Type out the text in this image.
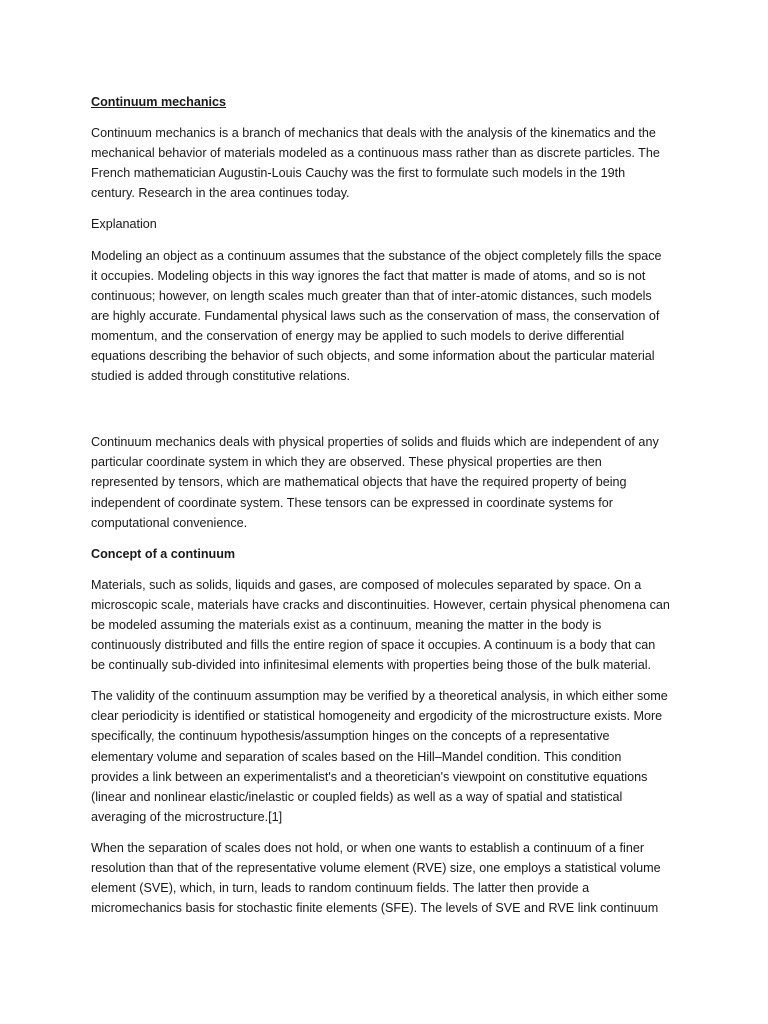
Continuum mechanics

Continuum mechanics is a branch of mechanics that deals with the analysis of the kinematics and the mechanical behavior of materials modeled as a continuous mass rather than as discrete particles. The French mathematician Augustin-Louis Cauchy was the first to formulate such models in the 19th century. Research in the area continues today.

Explanation

Modeling an object as a continuum assumes that the substance of the object completely fills the space it occupies. Modeling objects in this way ignores the fact that matter is made of atoms, and so is not continuous; however, on length scales much greater than that of inter-atomic distances, such models are highly accurate. Fundamental physical laws such as the conservation of mass, the conservation of momentum, and the conservation of energy may be applied to such models to derive differential equations describing the behavior of such objects, and some information about the particular material studied is added through constitutive relations.

Continuum mechanics deals with physical properties of solids and fluids which are independent of any particular coordinate system in which they are observed. These physical properties are then represented by tensors, which are mathematical objects that have the required property of being independent of coordinate system. These tensors can be expressed in coordinate systems for computational convenience.

Concept of a continuum

Materials, such as solids, liquids and gases, are composed of molecules separated by space. On a microscopic scale, materials have cracks and discontinuities. However, certain physical phenomena can be modeled assuming the materials exist as a continuum, meaning the matter in the body is continuously distributed and fills the entire region of space it occupies. A continuum is a body that can be continually sub-divided into infinitesimal elements with properties being those of the bulk material.

The validity of the continuum assumption may be verified by a theoretical analysis, in which either some clear periodicity is identified or statistical homogeneity and ergodicity of the microstructure exists. More specifically, the continuum hypothesis/assumption hinges on the concepts of a representative elementary volume and separation of scales based on the Hill–Mandel condition. This condition provides a link between an experimentalist's and a theoretician's viewpoint on constitutive equations (linear and nonlinear elastic/inelastic or coupled fields) as well as a way of spatial and statistical averaging of the microstructure.[1]

When the separation of scales does not hold, or when one wants to establish a continuum of a finer resolution than that of the representative volume element (RVE) size, one employs a statistical volume element (SVE), which, in turn, leads to random continuum fields. The latter then provide a micromechanics basis for stochastic finite elements (SFE). The levels of SVE and RVE link continuum
